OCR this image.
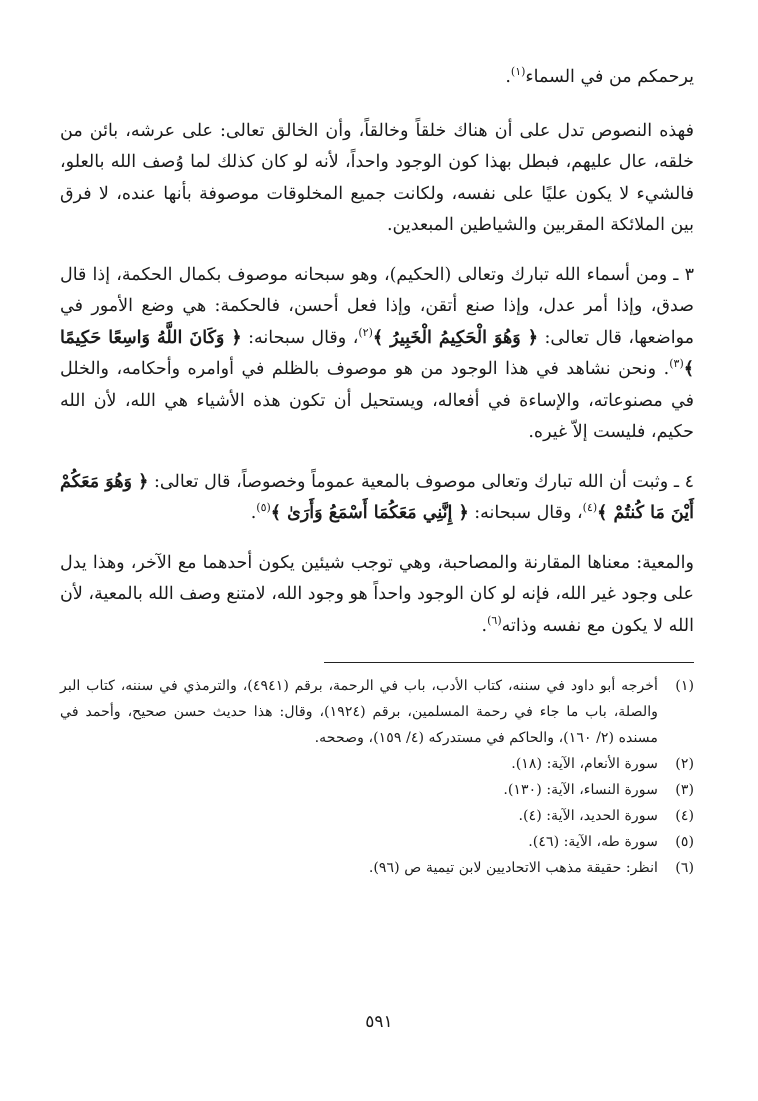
يرحمكم من في السماء$^{(١)}$.

فهذه النصوص تدل على أن هناك خلقاً وخالقاً، وأن الخالق تعالى: على عرشه، بائن من خلقه، عال عليهم، فبطل بهذا كون الوجود واحداً، لأنه لو كان كذلك لما وُصف الله بالعلو، فالشيء لا يكون عليًا على نفسه، ولكانت جميع المخلوقات موصوفة بأنها عنده، لا فرق بين الملائكة المقربين والشياطين المبعدين.

٣ ـ ومن أسماء الله تبارك وتعالى (الحكيم)، وهو سبحانه موصوف بكمال الحكمة، إذا قال صدق، وإذا أمر عدل، وإذا صنع أتقن، وإذا فعل أحسن، فالحكمة: هي وضع الأمور في مواضعها، قال تعالى: ﴿ وَهُوَ الْحَكِيمُ الْخَبِيرُ ﴾$^{(٢)}$، وقال سبحانه: ﴿ وَكَانَ اللَّهُ وَاسِعًا حَكِيمًا ﴾$^{(٣)}$. ونحن نشاهد في هذا الوجود من هو موصوف بالظلم في أوامره وأحكامه، والخلل في مصنوعاته، والإساءة في أفعاله، ويستحيل أن تكون هذه الأشياء هي الله، لأن الله حكيم، فليست إلاّ غيره.

٤ ـ وثبت أن الله تبارك وتعالى موصوف بالمعية عموماً وخصوصاً، قال تعالى: ﴿ وَهُوَ مَعَكُمْ أَيْنَ مَا كُنتُمْ ﴾$^{(٤)}$، وقال سبحانه: ﴿ إِنَّنِي مَعَكُمَا أَسْمَعُ وَأَرَىٰ ﴾$^{(٥)}$.

والمعية: معناها المقارنة والمصاحبة، وهي توجب شيئين يكون أحدهما مع الآخر، وهذا يدل على وجود غير الله، فإنه لو كان الوجود واحداً هو وجود الله، لامتنع وصف الله بالمعية، لأن الله لا يكون مع نفسه وذاته$^{(٦)}$.

(١)
أخرجه أبو داود في سننه، كتاب الأدب، باب في الرحمة، برقم (٤٩٤١)، والترمذي في سننه، كتاب البر والصلة، باب ما جاء في رحمة المسلمين، برقم (١٩٢٤)، وقال: هذا حديث حسن صحيح، وأحمد في مسنده (٢/ ١٦٠)، والحاكم في مستدركه (٤/ ١٥٩)، وصححه.
(٢)
سورة الأنعام، الآية: (١٨).
(٣)
سورة النساء، الآية: (١٣٠).
(٤)
سورة الحديد، الآية: (٤).
(٥)
سورة طه، الآية: (٤٦).
(٦)
انظر: حقيقة مذهب الاتحاديين لابن تيمية ص (٩٦).
٥٩١
